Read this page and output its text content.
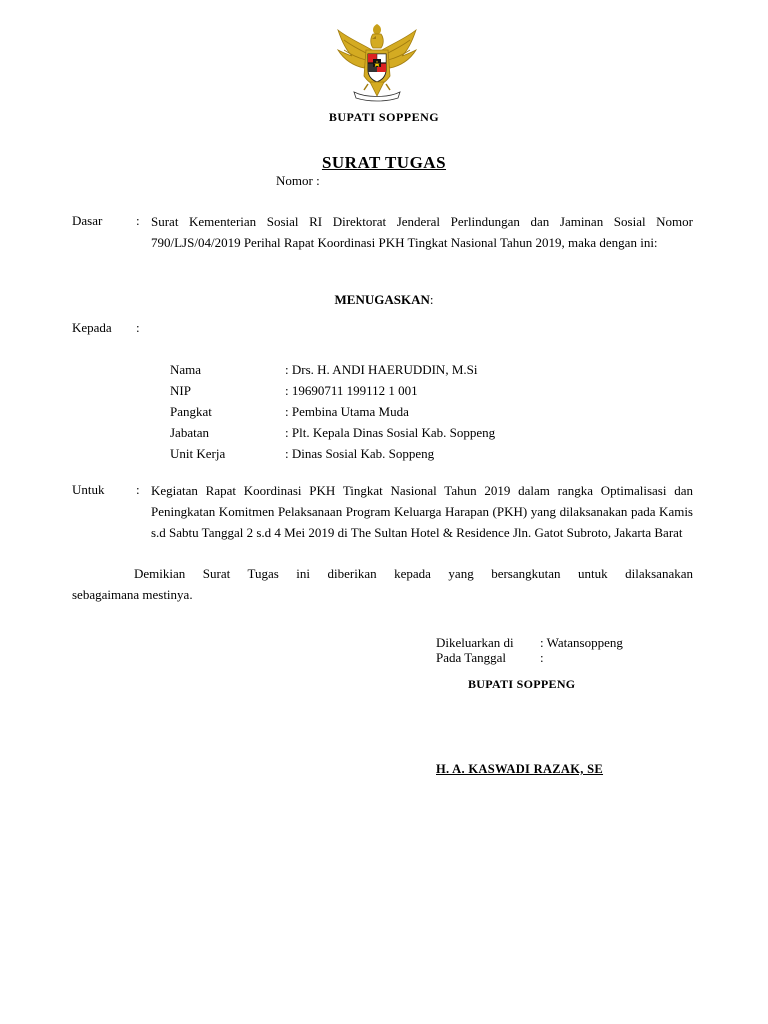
BUPATI SOPPENG
SURAT TUGAS
Nomor :
Dasar	: Surat Kementerian Sosial RI Direktorat Jenderal Perlindungan dan Jaminan Sosial Nomor 790/LJS/04/2019 Perihal Rapat Koordinasi PKH Tingkat Nasional Tahun 2019, maka dengan ini:
MENUGASKAN:
Kepada :
Nama	: Drs. H. ANDI HAERUDDIN, M.Si
NIP	: 19690711 199112 1 001
Pangkat	: Pembina Utama Muda
Jabatan	: Plt. Kepala Dinas Sosial Kab. Soppeng
Unit Kerja	: Dinas Sosial Kab. Soppeng
Untuk : Kegiatan Rapat Koordinasi PKH Tingkat Nasional Tahun 2019 dalam rangka Optimalisasi dan Peningkatan Komitmen Pelaksanaan Program Keluarga Harapan (PKH) yang dilaksanakan pada Kamis s.d Sabtu Tanggal 2 s.d 4 Mei 2019 di The Sultan Hotel & Residence Jln. Gatot Subroto, Jakarta Barat
Demikian Surat Tugas ini diberikan kepada yang bersangkutan untuk dilaksanakan
sebagaimana mestinya.
Dikeluarkan di : Watansoppeng
Pada Tanggal	:
BUPATI SOPPENG
H. A. KASWADI RAZAK, SE
